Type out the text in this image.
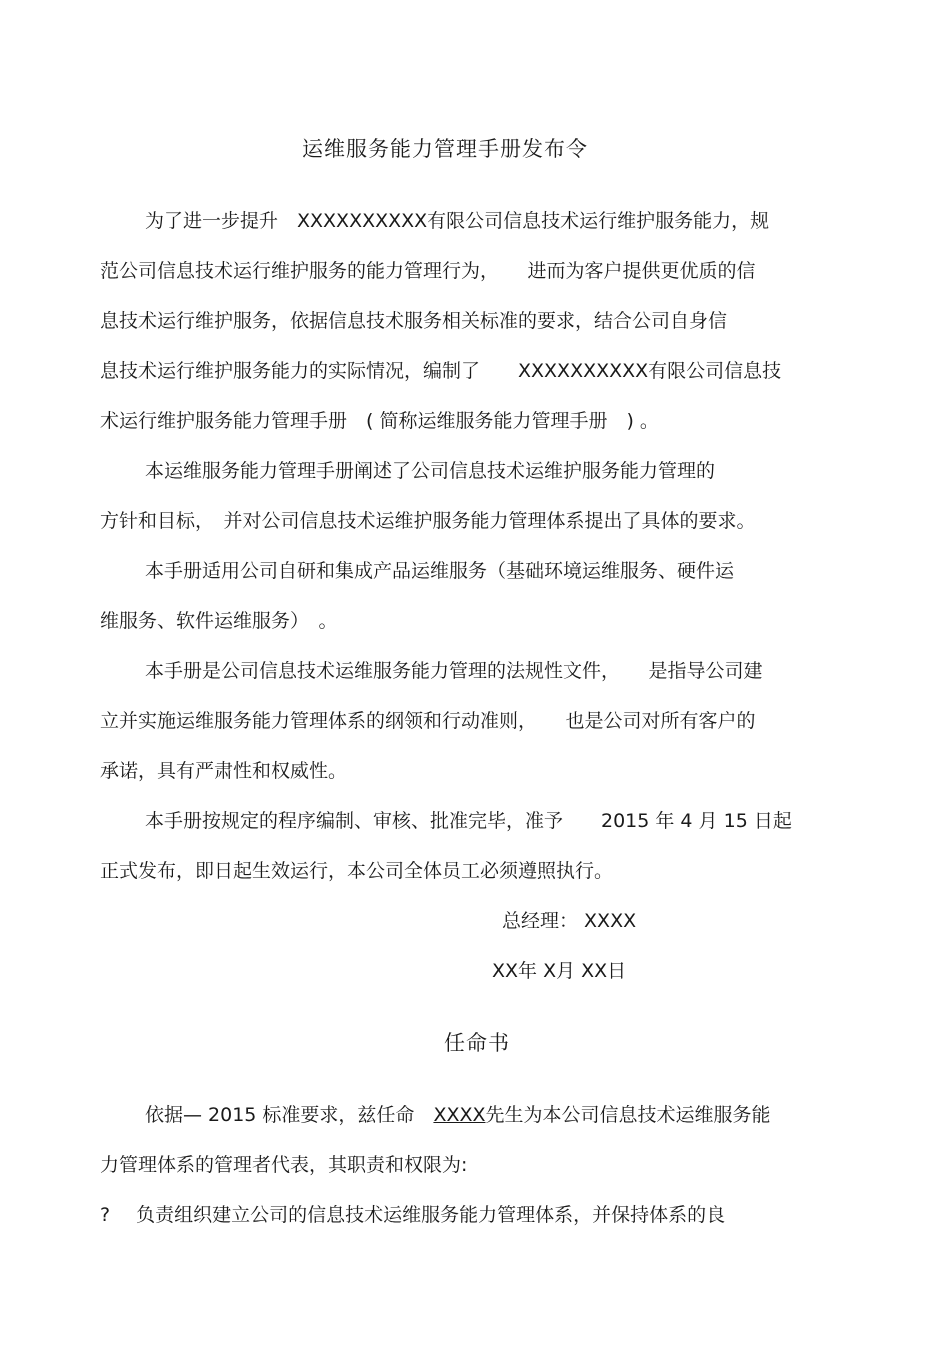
运维服务能力管理手册发布令
为了进一步提升　XXXXXXXXXX有限公司信息技术运行维护服务能力，规
范公司信息技术运行维护服务的能力管理行为，　　进而为客户提供更优质的信
息技术运行维护服务，依据信息技术服务相关标准的要求，结合公司自身信
息技术运行维护服务能力的实际情况，编制了　　XXXXXXXXXX有限公司信息技
术运行维护服务能力管理手册　( 简称运维服务能力管理手册　) 。
本运维服务能力管理手册阐述了公司信息技术运维护服务能力管理的
方针和目标，　并对公司信息技术运维护服务能力管理体系提出了具体的要求。
本手册适用公司自研和集成产品运维服务（基础环境运维服务、硬件运
维服务、软件运维服务）　。
本手册是公司信息技术运维服务能力管理的法规性文件，　　是指导公司建
立并实施运维服务能力管理体系的纲领和行动准则，　　也是公司对所有客户的
承诺，具有严肃性和权威性。
本手册按规定的程序编制、审核、批准完毕，准予　　2015 年 4 月 15 日起
正式发布，即日起生效运行，本公司全体员工必须遵照执行。
总经理： XXXX
XX年 X月 XX日
任命书
依据— 2015 标准要求，兹任命　XXXX先生为本公司信息技术运维服务能
力管理体系的管理者代表，其职责和权限为:
? 负责组织建立公司的信息技术运维服务能力管理体系，并保持体系的良
